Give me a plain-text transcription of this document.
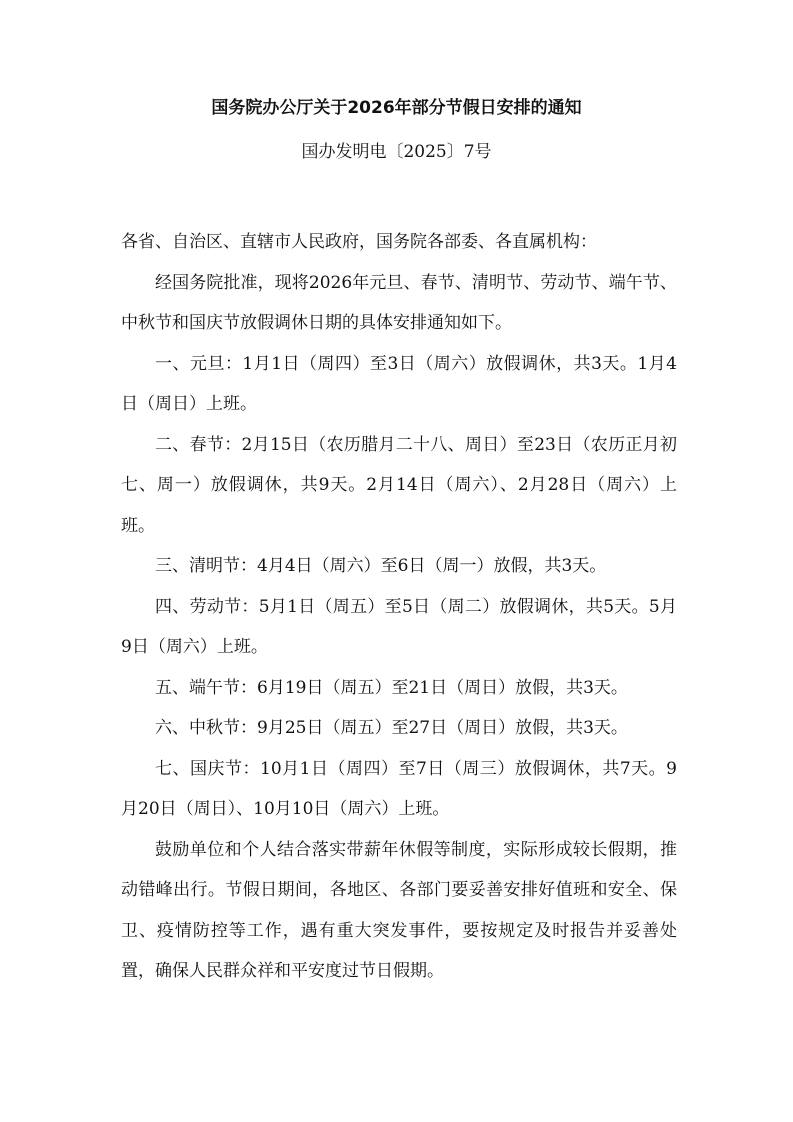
国务院办公厅关于2026年部分节假日安排的通知
国办发明电〔2025〕7号

各省、自治区、直辖市人民政府，国务院各部委、各直属机构：

经国务院批准，现将2026年元旦、春节、清明节、劳动节、端午节、中秋节和国庆节放假调休日期的具体安排通知如下。

一、元旦：1月1日（周四）至3日（周六）放假调休，共3天。1月4日（周日）上班。

二、春节：2月15日（农历腊月二十八、周日）至23日（农历正月初七、周一）放假调休，共9天。2月14日（周六）、2月28日（周六）上班。

三、清明节：4月4日（周六）至6日（周一）放假，共3天。

四、劳动节：5月1日（周五）至5日（周二）放假调休，共5天。5月9日（周六）上班。

五、端午节：6月19日（周五）至21日（周日）放假，共3天。

六、中秋节：9月25日（周五）至27日（周日）放假，共3天。

七、国庆节：10月1日（周四）至7日（周三）放假调休，共7天。9月20日（周日）、10月10日（周六）上班。

鼓励单位和个人结合落实带薪年休假等制度，实际形成较长假期，推动错峰出行。节假日期间，各地区、各部门要妥善安排好值班和安全、保卫、疫情防控等工作，遇有重大突发事件，要按规定及时报告并妥善处置，确保人民群众祥和平安度过节日假期。
